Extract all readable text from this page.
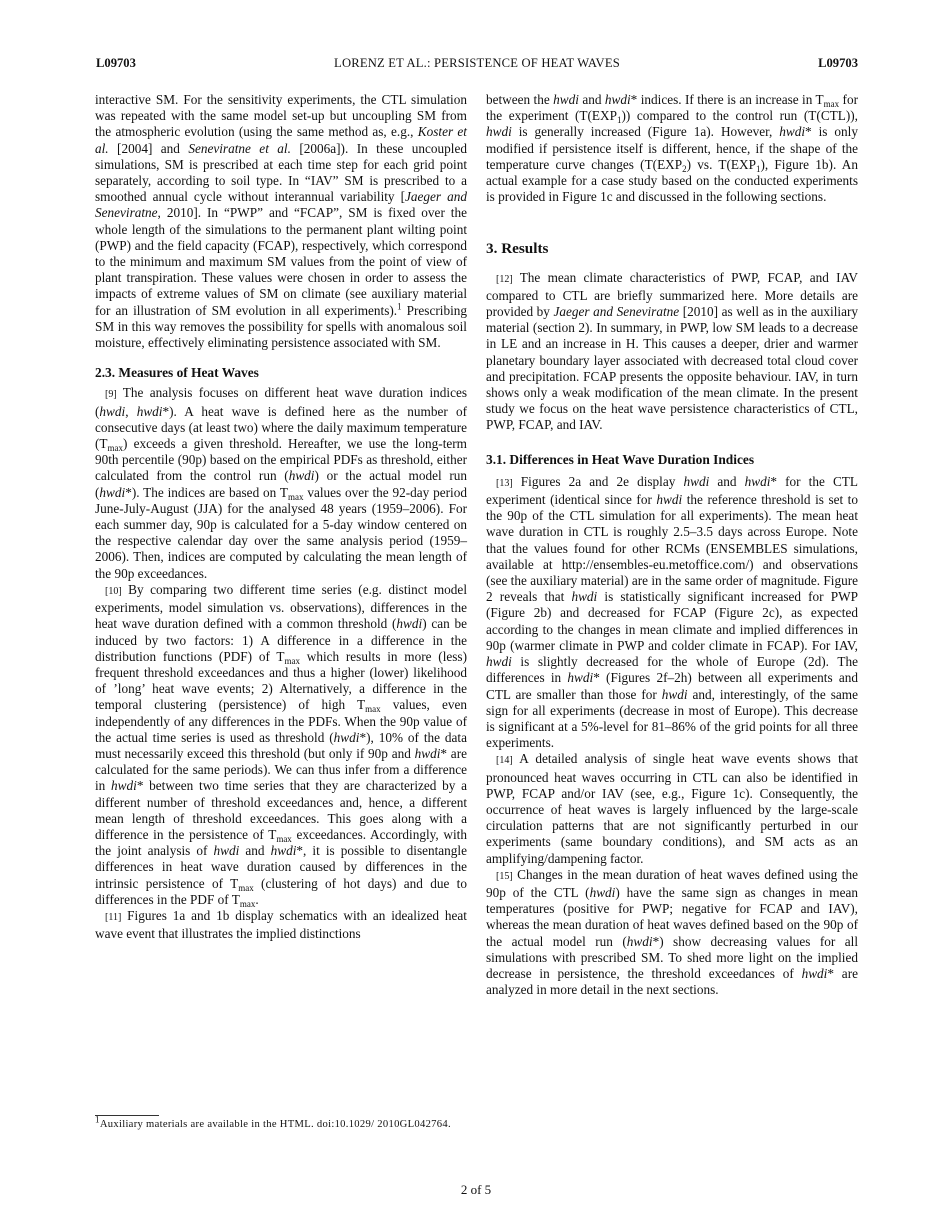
LORENZ ET AL.: PERSISTENCE OF HEAT WAVES
L09703	L09703

interactive SM. For the sensitivity experiments, the CTL simulation was repeated with the same model set-up but uncoupling SM from the atmospheric evolution (using the same method as, e.g., Koster et al. [2004] and Seneviratne et al. [2006a]). In these uncoupled simulations, SM is prescribed at each time step for each grid point separately, according to soil type. In “IAV” SM is prescribed to a smoothed annual cycle without interannual variability [Jaeger and Seneviratne, 2010]. In “PWP” and “FCAP”, SM is fixed over the whole length of the simulations to the permanent plant wilting point (PWP) and the field capacity (FCAP), respectively, which correspond to the minimum and maximum SM values from the point of view of plant transpiration. These values were chosen in order to assess the impacts of extreme values of SM on climate (see auxiliary material for an illustration of SM evolution in all experiments).$^1$ Prescribing SM in this way removes the possibility for spells with anomalous soil moisture, effectively eliminating persistence associated with SM.

2.3. Measures of Heat Waves

[9] The analysis focuses on different heat wave duration indices (hwdi, hwdi*). A heat wave is defined here as the number of consecutive days (at least two) where the daily maximum temperature $(T_{max})$ exceeds a given threshold. Hereafter, we use the long-term 90th percentile (90p) based on the empirical PDFs as threshold, either calculated from the control run (hwdi) or the actual model run (hwdi*). The indices are based on $T_{max}$ values over the 92-day period June-July-August (JJA) for the analysed 48 years (1959–2006). For each summer day, 90p is calculated for a 5-day window centered on the respective calendar day over the same analysis period (1959–2006). Then, indices are computed by calculating the mean length of the 90p exceedances.

[10] By comparing two different time series (e.g. distinct model experiments, model simulation vs. observations), differences in the heat wave duration defined with a common threshold (hwdi) can be induced by two factors: 1) A difference in a difference in the distribution functions (PDF) of $T_{max}$ which results in more (less) frequent threshold exceedances and thus a higher (lower) likelihood of ’long’ heat wave events; 2) Alternatively, a difference in the temporal clustering (persistence) of high $T_{max}$ values, even independently of any differences in the PDFs. When the 90p value of the actual time series is used as threshold (hwdi*), 10% of the data must necessarily exceed this threshold (but only if 90p and hwdi* are calculated for the same periods). We can thus infer from a difference in hwdi* between two time series that they are characterized by a different number of threshold exceedances and, hence, a different mean length of threshold exceedances. This goes along with a difference in the persistence of $T_{max}$ exceedances. Accordingly, with the joint analysis of hwdi and hwdi*, it is possible to disentangle differences in heat wave duration caused by differences in the intrinsic persistence of $T_{max}$ (clustering of hot days) and due to differences in the PDF of $T_{max}$.

[11] Figures 1a and 1b display schematics with an idealized heat wave event that illustrates the implied distinctions

between the hwdi and hwdi* indices. If there is an increase in $T_{max}$ for the experiment $(T(EXP_1))$ compared to the control run (T(CTL)), hwdi is generally increased (Figure 1a). However, hwdi* is only modified if persistence itself is different, hence, if the shape of the temperature curve changes ($T(EXP_2)$ vs. $T(EXP_1)$, Figure 1b). An actual example for a case study based on the conducted experiments is provided in Figure 1c and discussed in the following sections.

3. Results

[12] The mean climate characteristics of PWP, FCAP, and IAV compared to CTL are briefly summarized here. More details are provided by Jaeger and Seneviratne [2010] as well as in the auxiliary material (section 2). In summary, in PWP, low SM leads to a decrease in LE and an increase in H. This causes a deeper, drier and warmer planetary boundary layer associated with decreased total cloud cover and precipitation. FCAP presents the opposite behaviour. IAV, in turn shows only a weak modification of the mean climate. In the present study we focus on the heat wave persistence characteristics of CTL, PWP, FCAP, and IAV.

3.1. Differences in Heat Wave Duration Indices

[13] Figures 2a and 2e display hwdi and hwdi* for the CTL experiment (identical since for hwdi the reference threshold is set to the 90p of the CTL simulation for all experiments). The mean heat wave duration in CTL is roughly 2.5–3.5 days across Europe. Note that the values found for other RCMs (ENSEMBLES simulations, available at http://ensembles-eu.metoffice.com/) and observations (see the auxiliary material) are in the same order of magnitude. Figure 2 reveals that hwdi is statistically significant increased for PWP (Figure 2b) and decreased for FCAP (Figure 2c), as expected according to the changes in mean climate and implied differences in 90p (warmer climate in PWP and colder climate in FCAP). For IAV, hwdi is slightly decreased for the whole of Europe (2d). The differences in hwdi* (Figures 2f–2h) between all experiments and CTL are smaller than those for hwdi and, interestingly, of the same sign for all experiments (decrease in most of Europe). This decrease is significant at a 5%-level for 81–86% of the grid points for all three experiments.

[14] A detailed analysis of single heat wave events shows that pronounced heat waves occurring in CTL can also be identified in PWP, FCAP and/or IAV (see, e.g., Figure 1c). Consequently, the occurrence of heat waves is largely influenced by the large-scale circulation patterns that are not significantly perturbed in our experiments (same boundary conditions), and SM acts as an amplifying/dampening factor.

[15] Changes in the mean duration of heat waves defined using the 90p of the CTL (hwdi) have the same sign as changes in mean temperatures (positive for PWP; negative for FCAP and IAV), whereas the mean duration of heat waves defined based on the 90p of the actual model run (hwdi*) show decreasing values for all simulations with prescribed SM. To shed more light on the implied decrease in persistence, the threshold exceedances of hwdi* are analyzed in more detail in the next sections.

$^1$Auxiliary materials are available in the HTML. doi:10.1029/ 2010GL042764.
2 of 5
